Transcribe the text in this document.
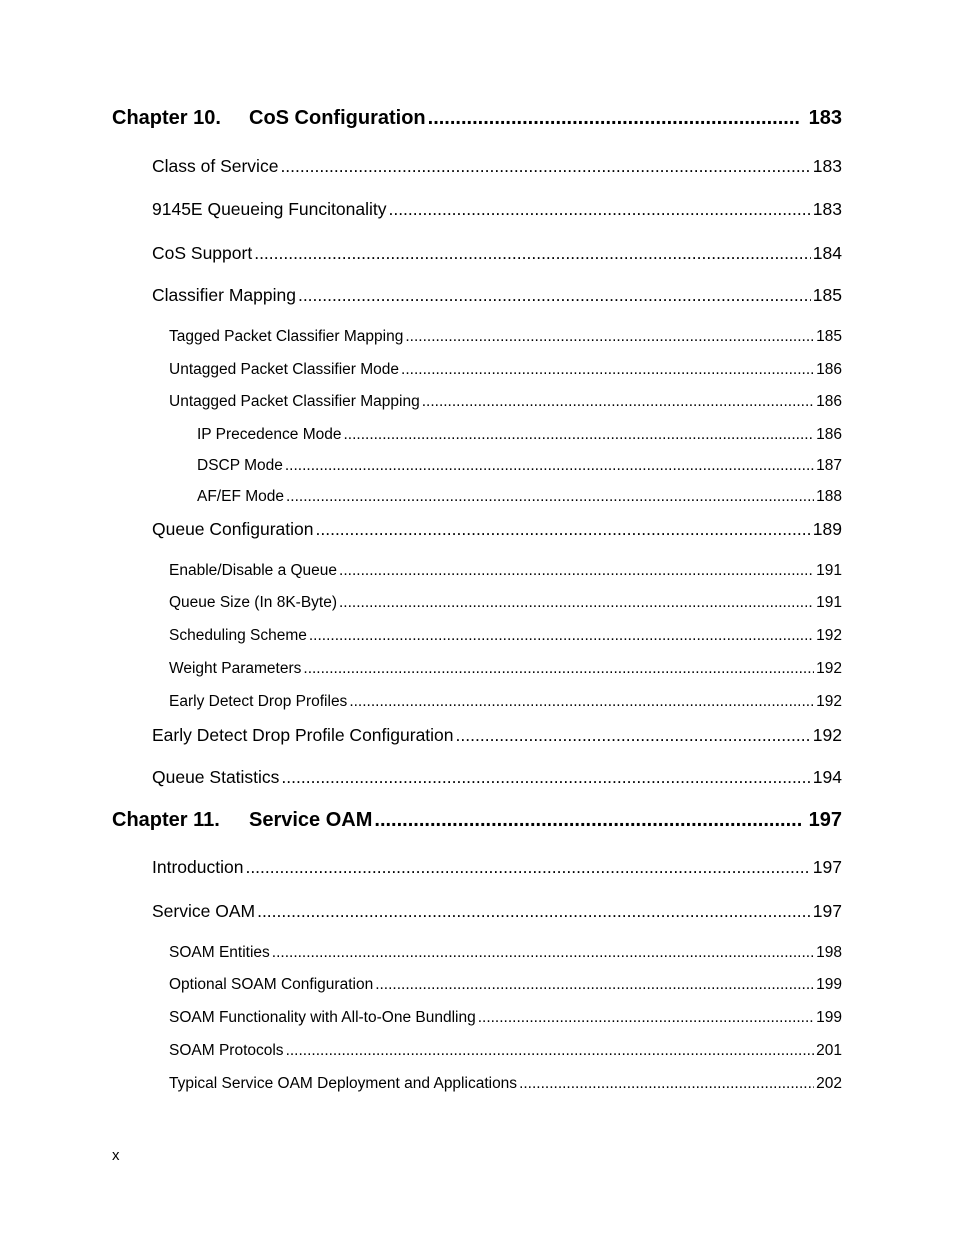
Chapter 10. CoS Configuration .....	183
Class of Service .....	183
9145E Queueing Funcitonality .....	183
CoS Support .....	184
Classifier Mapping .....	185
Tagged Packet Classifier Mapping .....	185
Untagged Packet Classifier Mode .....	186
Untagged Packet Classifier Mapping .....	186
IP Precedence Mode .....	186
DSCP Mode .....	187
AF/EF Mode .....	188
Queue Configuration .....	189
Enable/Disable a Queue .....	191
Queue Size (In 8K-Byte) .....	191
Scheduling Scheme .....	192
Weight Parameters .....	192
Early Detect Drop Profiles .....	192
Early Detect Drop Profile Configuration .....	192
Queue Statistics .....	194
Chapter 11. Service OAM .....	197
Introduction .....	197
Service OAM .....	197
SOAM Entities .....	198
Optional SOAM Configuration .....	199
SOAM Functionality with All-to-One Bundling .....	199
SOAM Protocols .....	201
Typical Service OAM Deployment and Applications .....	202
x
